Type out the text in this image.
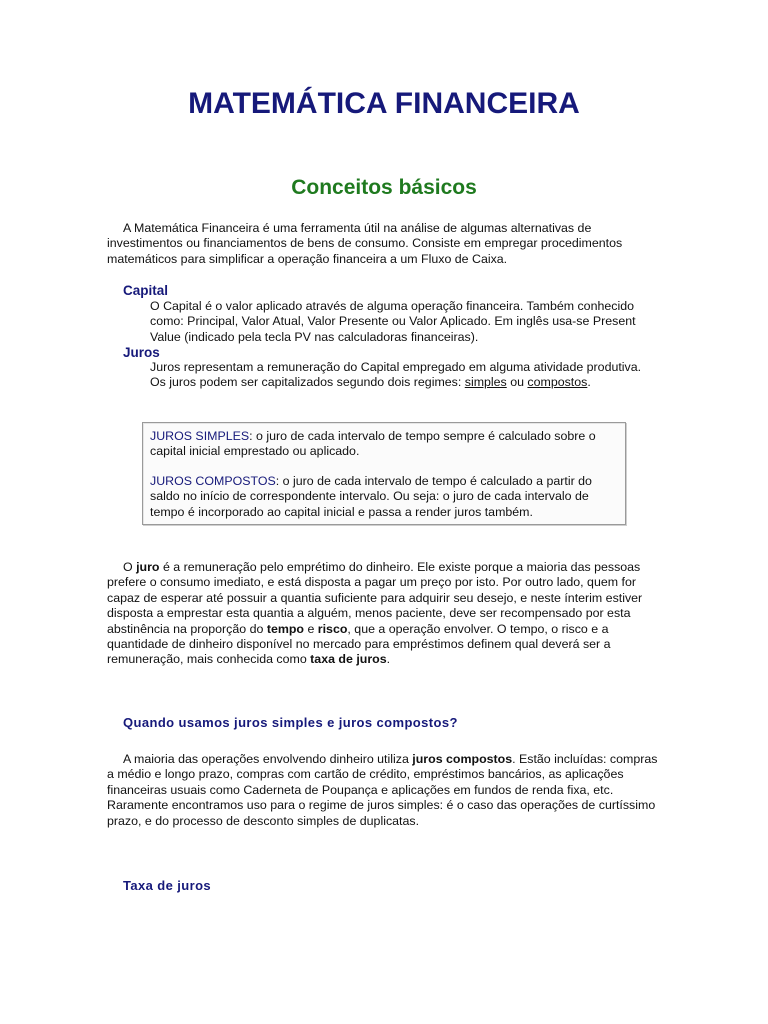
MATEMÁTICA FINANCEIRA
Conceitos básicos
A Matemática Financeira é uma ferramenta útil na análise de algumas alternativas de investimentos ou financiamentos de bens de consumo. Consiste em empregar procedimentos matemáticos para simplificar a operação financeira a um Fluxo de Caixa.
Capital
O Capital é o valor aplicado através de alguma operação financeira. Também conhecido como: Principal, Valor Atual, Valor Presente ou Valor Aplicado. Em inglês usa-se Present Value (indicado pela tecla PV nas calculadoras financeiras).
Juros
Juros representam a remuneração do Capital empregado em alguma atividade produtiva. Os juros podem ser capitalizados segundo dois regimes: simples ou compostos.
JUROS SIMPLES: o juro de cada intervalo de tempo sempre é calculado sobre o capital inicial emprestado ou aplicado.
JUROS COMPOSTOS: o juro de cada intervalo de tempo é calculado a partir do saldo no início de correspondente intervalo. Ou seja: o juro de cada intervalo de tempo é incorporado ao capital inicial e passa a render juros também.
O juro é a remuneração pelo emprétimo do dinheiro. Ele existe porque a maioria das pessoas prefere o consumo imediato, e está disposta a pagar um preço por isto. Por outro lado, quem for capaz de esperar até possuir a quantia suficiente para adquirir seu desejo, e neste ínterim estiver disposta a emprestar esta quantia a alguém, menos paciente, deve ser recompensado por esta abstinência na proporção do tempo e risco, que a operação envolver. O tempo, o risco e a quantidade de dinheiro disponível no mercado para empréstimos definem qual deverá ser a remuneração, mais conhecida como taxa de juros.
Quando usamos juros simples e juros compostos?
A maioria das operações envolvendo dinheiro utiliza juros compostos. Estão incluídas: compras a médio e longo prazo, compras com cartão de crédito, empréstimos bancários, as aplicações financeiras usuais como Caderneta de Poupança e aplicações em fundos de renda fixa, etc. Raramente encontramos uso para o regime de juros simples: é o caso das operações de curtíssimo prazo, e do processo de desconto simples de duplicatas.
Taxa de juros
